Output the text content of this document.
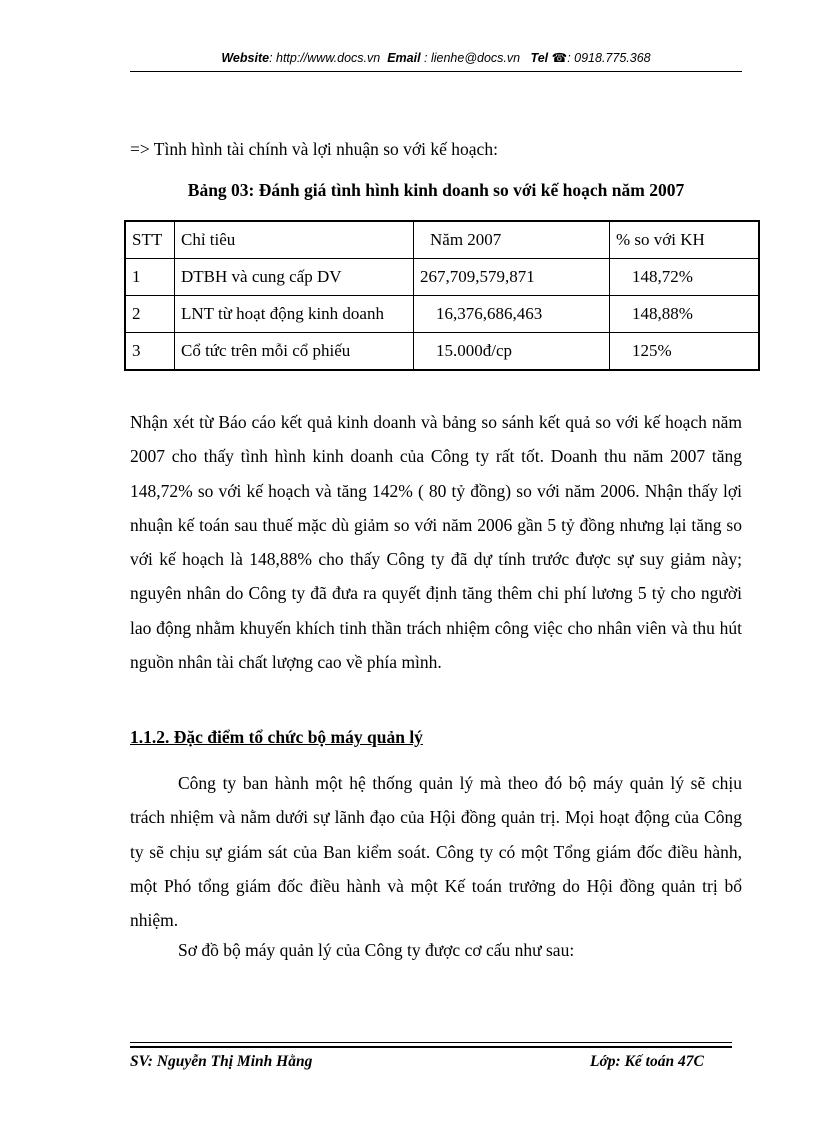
Website: http://www.docs.vn Email : lienhe@docs.vn Tel ☎: 0918.775.368
=> Tình hình tài chính và lợi nhuận so với kế hoạch:
Bảng 03: Đánh giá tình hình kinh doanh so với kế hoạch năm 2007
STT	Chỉ tiêu	Năm 2007	% so với KH
1	DTBH và cung cấp DV	267,709,579,871	148,72%
2	LNT từ hoạt động kinh doanh	16,376,686,463	148,88%
3	Cổ tức trên mỗi cổ phiếu	15.000đ/cp	125%
Nhận xét từ Báo cáo kết quả kinh doanh và bảng so sánh kết quả so với kế hoạch năm 2007 cho thấy tình hình kinh doanh của Công ty rất tốt. Doanh thu năm 2007 tăng 148,72% so với kế hoạch và tăng 142% ( 80 tỷ đồng) so với năm 2006. Nhận thấy lợi nhuận kế toán sau thuế mặc dù giảm so với năm 2006 gần 5 tỷ đồng nhưng lại tăng so với kế hoạch là 148,88% cho thấy Công ty đã dự tính trước được sự suy giảm này; nguyên nhân do Công ty đã đưa ra quyết định tăng thêm chi phí lương 5 tỷ cho người lao động nhằm khuyến khích tinh thần trách nhiệm công việc cho nhân viên và thu hút nguồn nhân tài chất lượng cao về phía mình.
1.1.2. Đặc điểm tổ chức bộ máy quản lý
Công ty ban hành một hệ thống quản lý mà theo đó bộ máy quản lý sẽ chịu trách nhiệm và nằm dưới sự lãnh đạo của Hội đồng quản trị. Mọi hoạt động của Công ty sẽ chịu sự giám sát của Ban kiểm soát. Công ty có một Tổng giám đốc điều hành, một Phó tổng giám đốc điều hành và một Kế toán trưởng do Hội đồng quản trị bổ nhiệm.
Sơ đồ bộ máy quản lý của Công ty được cơ cấu như sau:
SV: Nguyễn Thị Minh Hằng	Lớp: Kế toán 47C
